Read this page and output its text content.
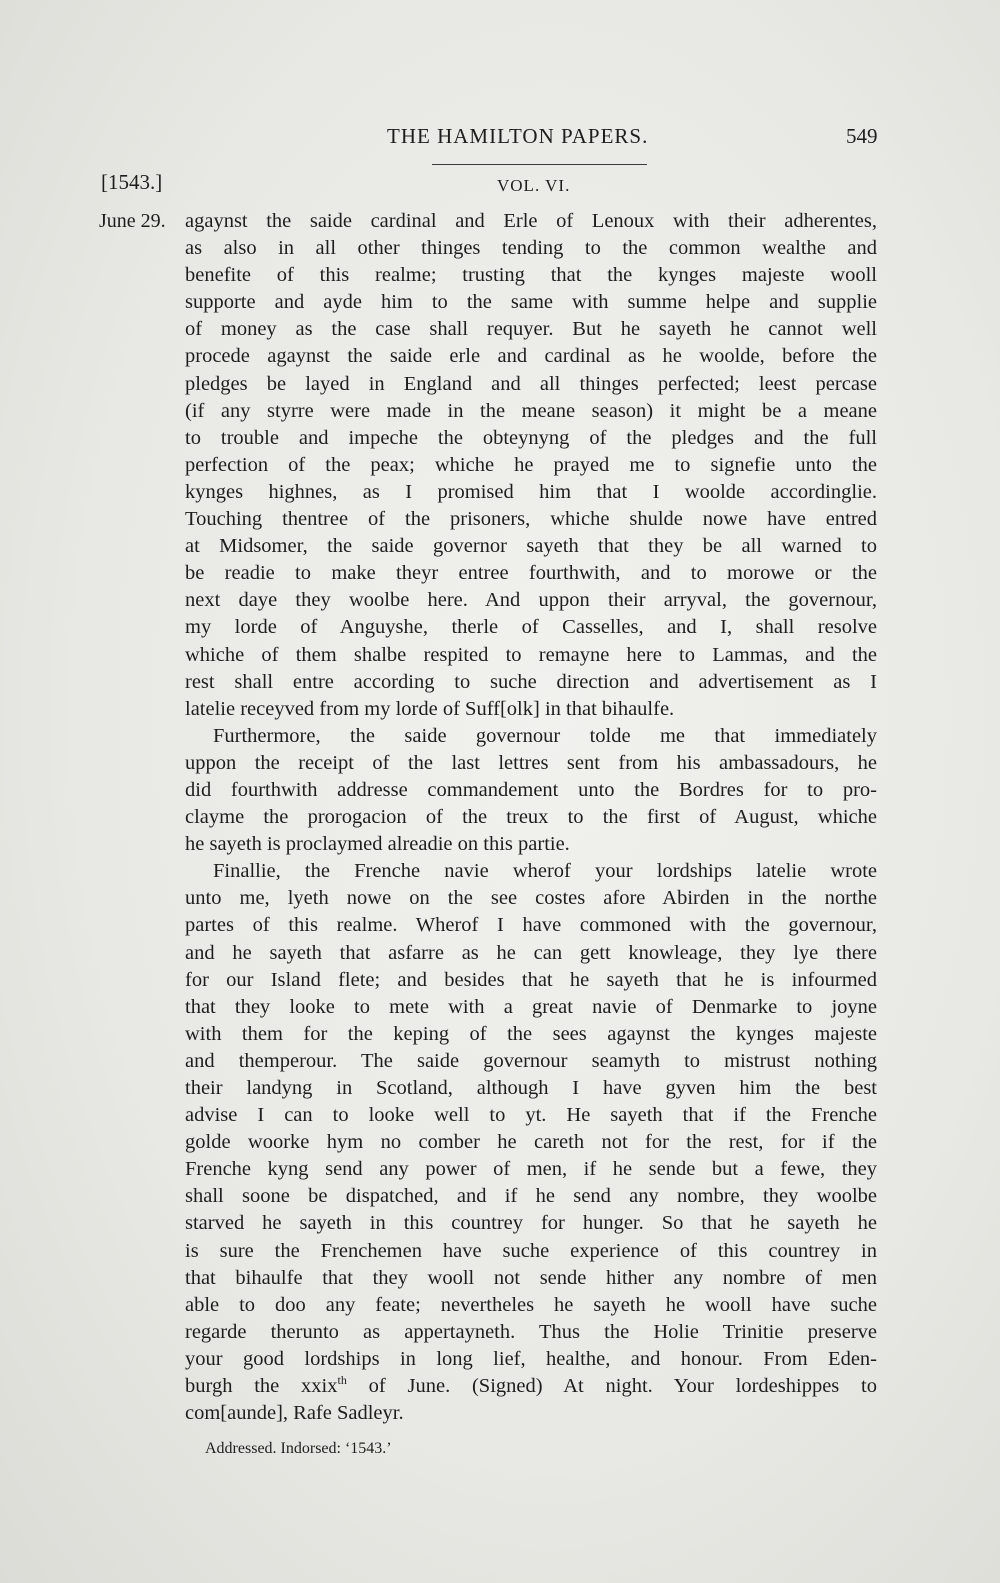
THE HAMILTON PAPERS.	549
[1543.]	VOL. VI.
June 29. agaynst the saide cardinal and Erle of Lenoux with their adherentes,
as also in all other thinges tending to the common wealthe and
benefite of this realme; trusting that the kynges majeste wooll
supporte and ayde him to the same with summe helpe and supplie
of money as the case shall requyer. But he sayeth he cannot well
procede agaynst the saide erle and cardinal as he woolde, before the
pledges be layed in England and all thinges perfected; leest percase
(if any styrre were made in the meane season) it might be a meane
to trouble and impeche the obteynyng of the pledges and the full
perfection of the peax; whiche he prayed me to signefie unto the
kynges highnes, as I promised him that I woolde accordinglie.
Touching thentree of the prisoners, whiche shulde nowe have entred
at Midsomer, the saide governor sayeth that they be all warned to
be readie to make theyr entree fourthwith, and to morowe or the
next daye they woolbe here. And uppon their arryval, the governour,
my lorde of Anguyshe, therle of Casselles, and I, shall resolve
whiche of them shalbe respited to remayne here to Lammas, and the
rest shall entre according to suche direction and advertisement as I
latelie receyved from my lorde of Suff[olk] in that bihaulfe.
Furthermore, the saide governour tolde me that immediately
uppon the receipt of the last lettres sent from his ambassadours, he
did fourthwith addresse commandement unto the Bordres for to pro-
clayme the prorogacion of the treux to the first of August, whiche
he sayeth is proclaymed alreadie on this partie.
Finallie, the Frenche navie wherof your lordships latelie wrote
unto me, lyeth nowe on the see costes afore Abirden in the northe
partes of this realme. Wherof I have commoned with the governour,
and he sayeth that asfarre as he can gett knowleage, they lye there
for our Island flete; and besides that he sayeth that he is infourmed
that they looke to mete with a great navie of Denmarke to joyne
with them for the keping of the sees agaynst the kynges majeste
and themperour. The saide governour seamyth to mistrust nothing
their landyng in Scotland, although I have gyven him the best
advise I can to looke well to yt. He sayeth that if the Frenche
golde woorke hym no comber he careth not for the rest, for if the
Frenche kyng send any power of men, if he sende but a fewe, they
shall soone be dispatched, and if he send any nombre, they woolbe
starved he sayeth in this countrey for hunger. So that he sayeth he
is sure the Frenchemen have suche experience of this countrey in
that bihaulfe that they wooll not sende hither any nombre of men
able to doo any feate; nevertheles he sayeth he wooll have suche
regarde therunto as appertayneth. Thus the Holie Trinitie preserve
your good lordships in long lief, healthe, and honour. From Eden-
burgh the xxix$^{th}$ of June. (Signed) At night. Your lordeshippes to
com[aunde], Rafe Sadleyr.
Addressed. Indorsed: ‘1543.’
